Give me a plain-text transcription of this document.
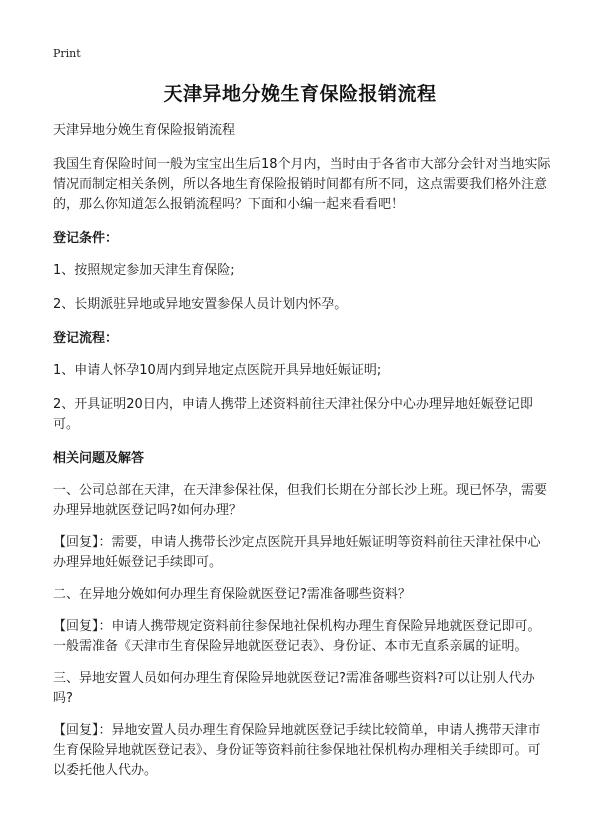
Print
天津异地分娩生育保险报销流程

天津异地分娩生育保险报销流程

我国生育保险时间一般为宝宝出生后18个月内，当时由于各省市大部分会针对当地实际情况而制定相关条例，所以各地生育保险报销时间都有所不同，这点需要我们格外注意的，那么你知道怎么报销流程吗？下面和小编一起来看看吧！

登记条件：

1、按照规定参加天津生育保险;

2、长期派驻异地或异地安置参保人员计划内怀孕。

登记流程：

1、申请人怀孕10周内到异地定点医院开具异地妊娠证明;

2、开具证明20日内，申请人携带上述资料前往天津社保分中心办理异地妊娠登记即可。

相关问题及解答

一、公司总部在天津，在天津参保社保，但我们长期在分部长沙上班。现已怀孕，需要办理异地就医登记吗?如何办理？

【回复】：需要，申请人携带长沙定点医院开具异地妊娠证明等资料前往天津社保中心办理异地妊娠登记手续即可。

二、在异地分娩如何办理生育保险就医登记?需准备哪些资料？

【回复】：申请人携带规定资料前往参保地社保机构办理生育保险异地就医登记即可。一般需准备《天津市生育保险异地就医登记表》、身份证、本市无直系亲属的证明。

三、异地安置人员如何办理生育保险异地就医登记?需准备哪些资料?可以让别人代办吗?

【回复】：异地安置人员办理生育保险异地就医登记手续比较简单，申请人携带天津市生育保险异地就医登记表》、身份证等资料前往参保地社保机构办理相关手续即可。可以委托他人代办。
